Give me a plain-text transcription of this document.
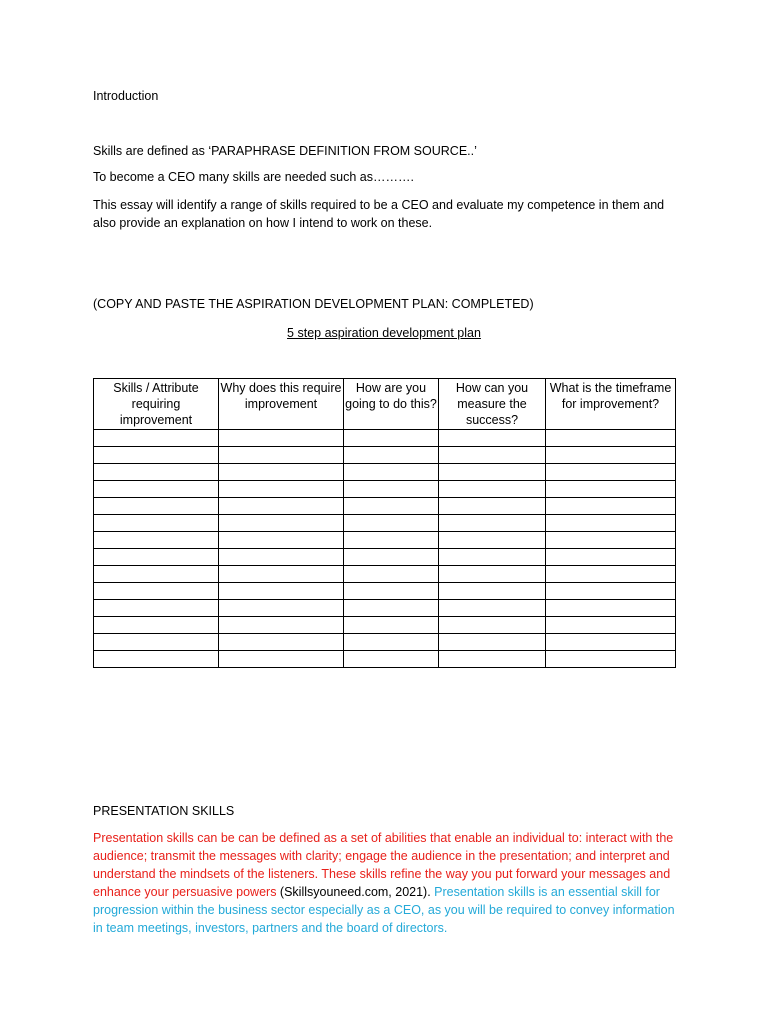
Introduction

Skills are defined as ‘PARAPHRASE DEFINITION FROM SOURCE..’

To become a CEO many skills are needed such as……….

This essay will identify a range of skills required to be a CEO and evaluate my competence in them and also provide an explanation on how I intend to work on these.

(COPY AND PASTE THE ASPIRATION DEVELOPMENT PLAN: COMPLETED)

5 step aspiration development plan

Skills / Attribute requiring improvement	Why does this require improvement	How are you going to do this?	How can you measure the success?	What is the timeframe for improvement?

PRESENTATION SKILLS

Presentation skills can be can be defined as a set of abilities that enable an individual to: interact with the audience; transmit the messages with clarity; engage the audience in the presentation; and interpret and understand the mindsets of the listeners. These skills refine the way you put forward your messages and enhance your persuasive powers (Skillsyouneed.com, 2021). Presentation skills is an essential skill for progression within the business sector especially as a CEO, as you will be required to convey information in team meetings, investors, partners and the board of directors.
